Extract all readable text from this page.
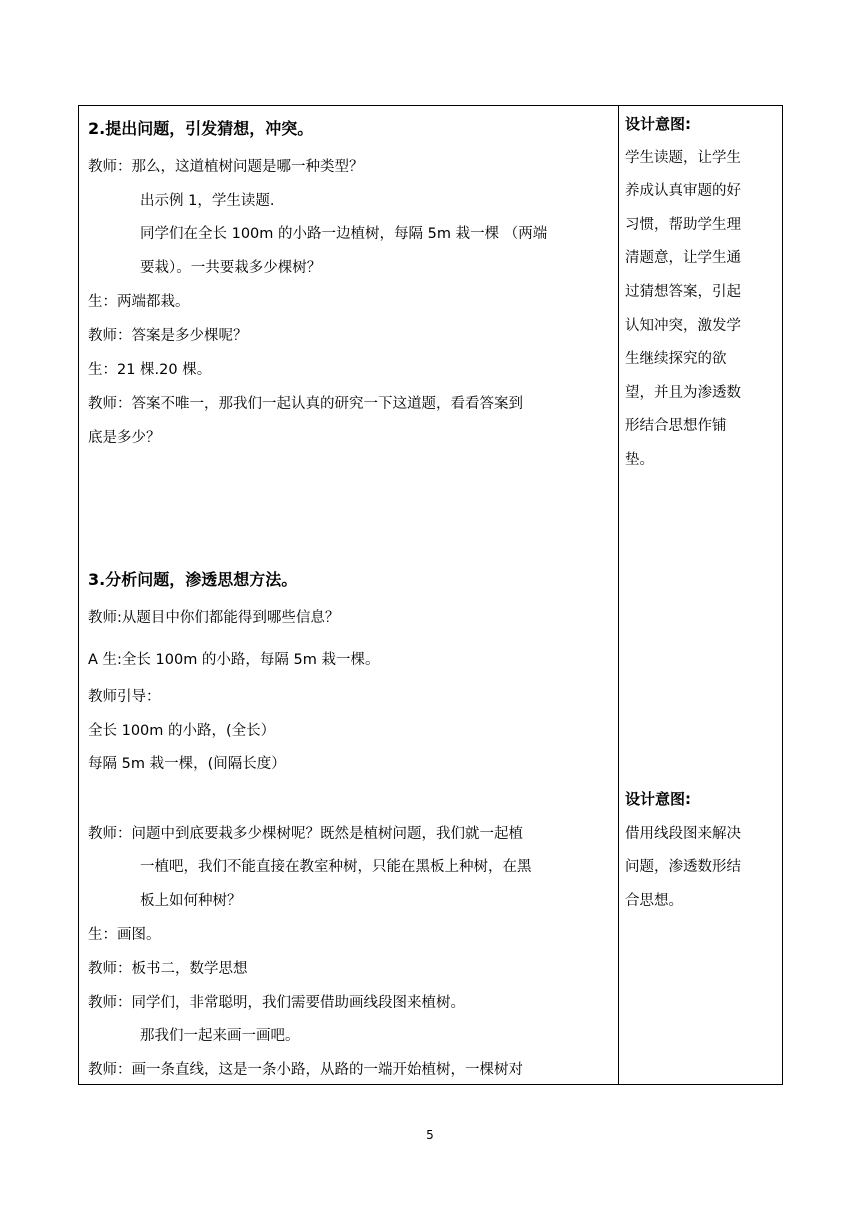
2.提出问题，引发猜想，冲突。
教师：那么，这道植树问题是哪一种类型？
出示例 1，学生读题.
同学们在全长 100m 的小路一边植树，每隔 5m 栽一棵 （两端
要栽）。一共要栽多少棵树？
生：两端都栽。
教师：答案是多少棵呢？
生：21 棵.20 棵。
教师：答案不唯一，那我们一起认真的研究一下这道题，看看答案到
底是多少？
3.分析问题，渗透思想方法。
教师:从题目中你们都能得到哪些信息？
A 生:全长 100m 的小路，每隔 5m 栽一棵。
教师引导：
全长 100m 的小路，(全长）
每隔 5m 栽一棵，(间隔长度）
教师：问题中到底要栽多少棵树呢？既然是植树问题，我们就一起植
一植吧，我们不能直接在教室种树，只能在黑板上种树，在黑
板上如何种树？
生：画图。
教师：板书二，数学思想
教师：同学们，非常聪明，我们需要借助画线段图来植树。
那我们一起来画一画吧。
教师：画一条直线，这是一条小路，从路的一端开始植树，一棵树对
设计意图:
学生读题，让学生
养成认真审题的好
习惯，帮助学生理
清题意，让学生通
过猜想答案，引起
认知冲突，激发学
生继续探究的欲
望，并且为渗透数
形结合思想作铺
垫。
设计意图:
借用线段图来解决
问题，渗透数形结
合思想。
5
